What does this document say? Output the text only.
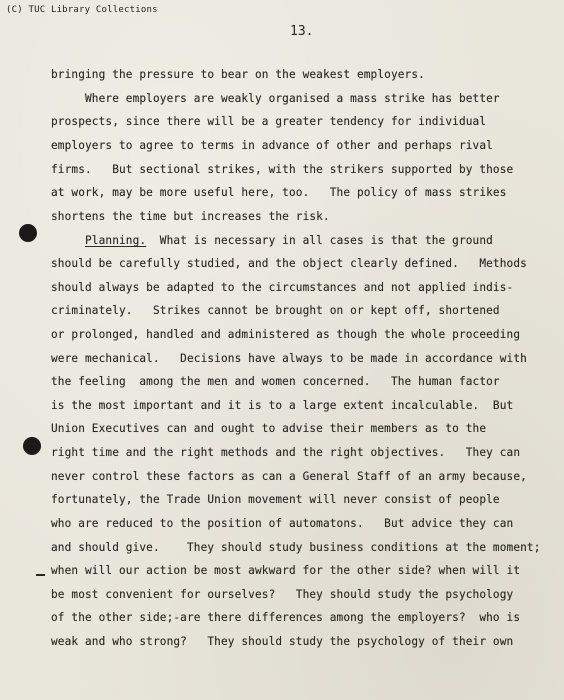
(C) TUC Library Collections
13.
bringing the pressure to bear on the weakest employers.
Where employers are weakly organised a mass strike has better
prospects, since there will be a greater tendency for individual
employers to agree to terms in advance of other and perhaps rival
firms.   But sectional strikes, with the strikers supported by those
at work, may be more useful here, too.   The policy of mass strikes
shortens the time but increases the risk.
Planning.  What is necessary in all cases is that the ground
should be carefully studied, and the object clearly defined.   Methods
should always be adapted to the circumstances and not applied indis-
criminately.   Strikes cannot be brought on or kept off, shortened
or prolonged, handled and administered as though the whole proceeding
were mechanical.   Decisions have always to be made in accordance with
the feeling  among the men and women concerned.   The human factor
is the most important and it is to a large extent incalculable.  But
Union Executives can and ought to advise their members as to the
right time and the right methods and the right objectives.   They can
never control these factors as can a General Staff of an army because,
fortunately, the Trade Union movement will never consist of people
who are reduced to the position of automatons.   But advice they can
and should give.    They should study business conditions at the moment;
when will our action be most awkward for the other side? when will it
be most convenient for ourselves?   They should study the psychology
of the other side;-are there differences among the employers?  who is
weak and who strong?   They should study the psychology of their own
